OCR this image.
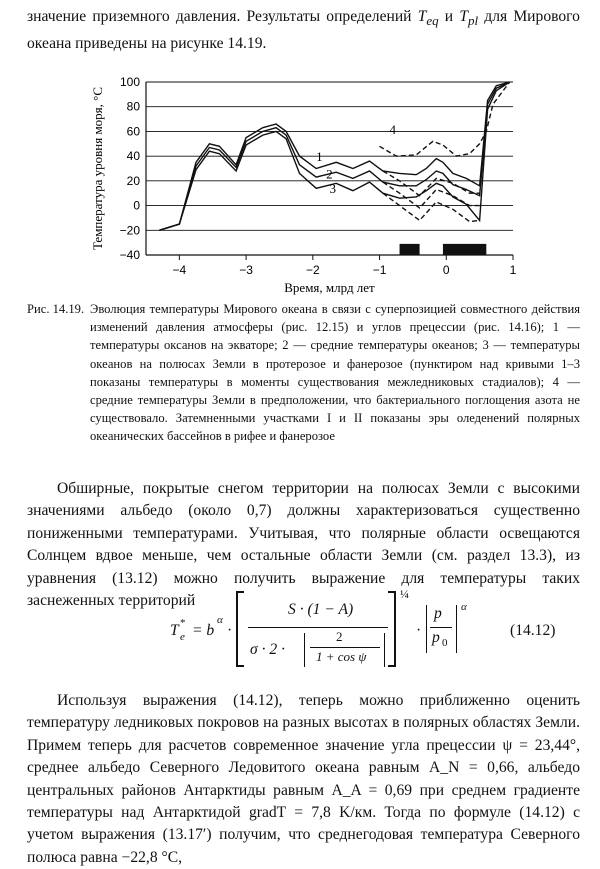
значение приземного давления. Результаты определений $T_{eq}$ и $T_{pl}$ для Мирового океана приведены на рисунке 14.19.
−40
−20
0
20
40
60
80
100
−4	−3	−2	−1	0	1
Время, млрд лет
Температура уровня моря, °C	1
2
3
4
Рис. 14.19. Эволюция температуры Мирового океана в связи с суперпозицией совместного действия изменений давления атмосферы (рис. 12.15) и углов прецессии (рис. 14.16); 1 — температуры оксанов на экваторе; 2 — средние температуры океанов; 3 — температуры океанов на полюсах Земли в протерозое и фанерозое (пунктиром над кривыми 1–3 показаны температуры в моменты существования межледниковых стадиалов); 4 — средние температуры Земли в предположении, что бактериального поглощения азота не существовало. Затемненными участками I и II показаны эры оледенений полярных океанических бассейнов в рифее и фанерозое
Обширные, покрытые снегом территории на полюсах Земли с высокими значениями альбедо (около 0,7) должны характеризоваться существенно пониженными температурами. Учитывая, что полярные области освещаются Солнцем вдвое меньше, чем остальные области Земли (см. раздел 13.3), из уравнения (13.12) можно получить выражение для температуры таких заснеженных территорий
T e
* = b
α
·
S · (1 − A)
σ · 2 ·
2
1 + cos ψ
¼
·
p
p 0
α
(14.12)
Используя выражения (14.12), теперь можно приближенно оценить температуру ледниковых покровов на разных высотах в полярных областях Земли. Примем теперь для расчетов современное значение угла прецессии ψ = 23,44°, среднее альбедо Северного Ледовитого океана равным A_N = 0,66, альбедо центральных районов Антарктиды равным A_A = 0,69 при среднем градиенте температуры над Антарктидой gradT = 7,8 K/км. Тогда по формуле (14.12) с учетом выражения (13.17′) получим, что среднегодовая температура Северного полюса равна −22,8 °C,
